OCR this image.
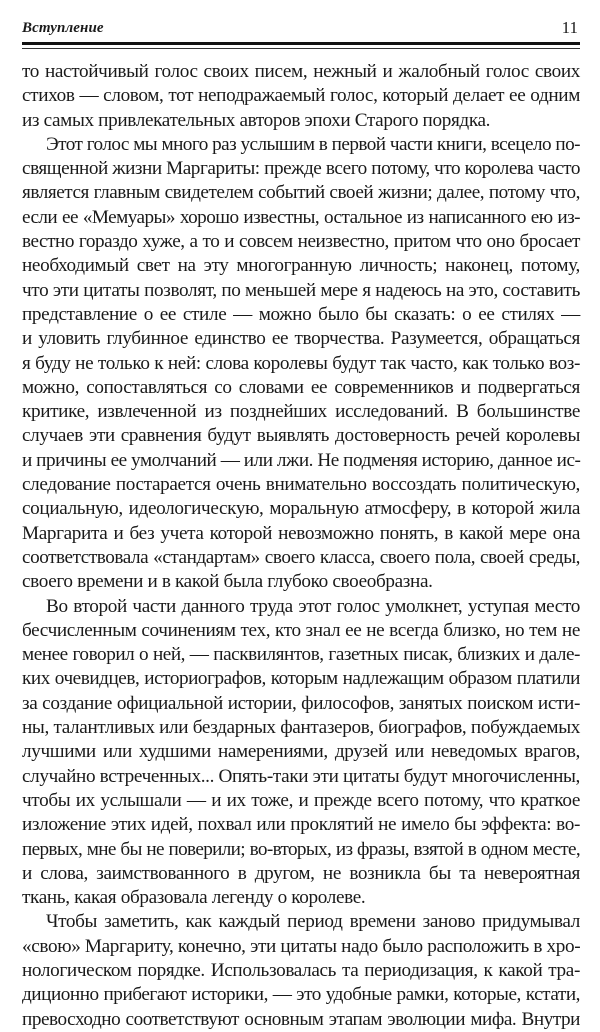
Вступление	11
то настойчивый голос своих писем, нежный и жалобный голос своих
стихов — словом, тот неподражаемый голос, который делает ее одним
из самых привлекательных авторов эпохи Старого порядка.
Этот голос мы много раз услышим в первой части книги, всецело по-
священной жизни Маргариты: прежде всего потому, что королева часто
является главным свидетелем событий своей жизни; далее, потому что,
если ее «Мемуары» хорошо известны, остальное из написанного ею из-
вестно гораздо хуже, а то и совсем неизвестно, притом что оно бросает
необходимый свет на эту многогранную личность; наконец, потому,
что эти цитаты позволят, по меньшей мере я надеюсь на это, составить
представление о ее стиле — можно было бы сказать: о ее стилях —
и уловить глубинное единство ее творчества. Разумеется, обращаться
я буду не только к ней: слова королевы будут так часто, как только воз-
можно, сопоставляться со словами ее современников и подвергаться
критике, извлеченной из позднейших исследований. В большинстве
случаев эти сравнения будут выявлять достоверность речей королевы
и причины ее умолчаний — или лжи. Не подменяя историю, данное ис-
следование постарается очень внимательно воссоздать политическую,
социальную, идеологическую, моральную атмосферу, в которой жила
Маргарита и без учета которой невозможно понять, в какой мере она
соответствовала «стандартам» своего класса, своего пола, своей среды,
своего времени и в какой была глубоко своеобразна.
Во второй части данного труда этот голос умолкнет, уступая место
бесчисленным сочинениям тех, кто знал ее не всегда близко, но тем не
менее говорил о ней, — пасквилянтов, газетных писак, близких и дале-
ких очевидцев, историографов, которым надлежащим образом платили
за создание официальной истории, философов, занятых поиском исти-
ны, талантливых или бездарных фантазеров, биографов, побуждаемых
лучшими или худшими намерениями, друзей или неведомых врагов,
случайно встреченных... Опять-таки эти цитаты будут многочисленны,
чтобы их услышали — и их тоже, и прежде всего потому, что краткое
изложение этих идей, похвал или проклятий не имело бы эффекта: во-
первых, мне бы не поверили; во-вторых, из фразы, взятой в одном месте,
и слова, заимствованного в другом, не возникла бы та невероятная
ткань, какая образовала легенду о королеве.
Чтобы заметить, как каждый период времени заново придумывал
«свою» Маргариту, конечно, эти цитаты надо было расположить в хро-
нологическом порядке. Использовалась та периодизация, к какой тра-
диционно прибегают историки, — это удобные рамки, которые, кстати,
превосходно соответствуют основным этапам эволюции мифа. Внутри
